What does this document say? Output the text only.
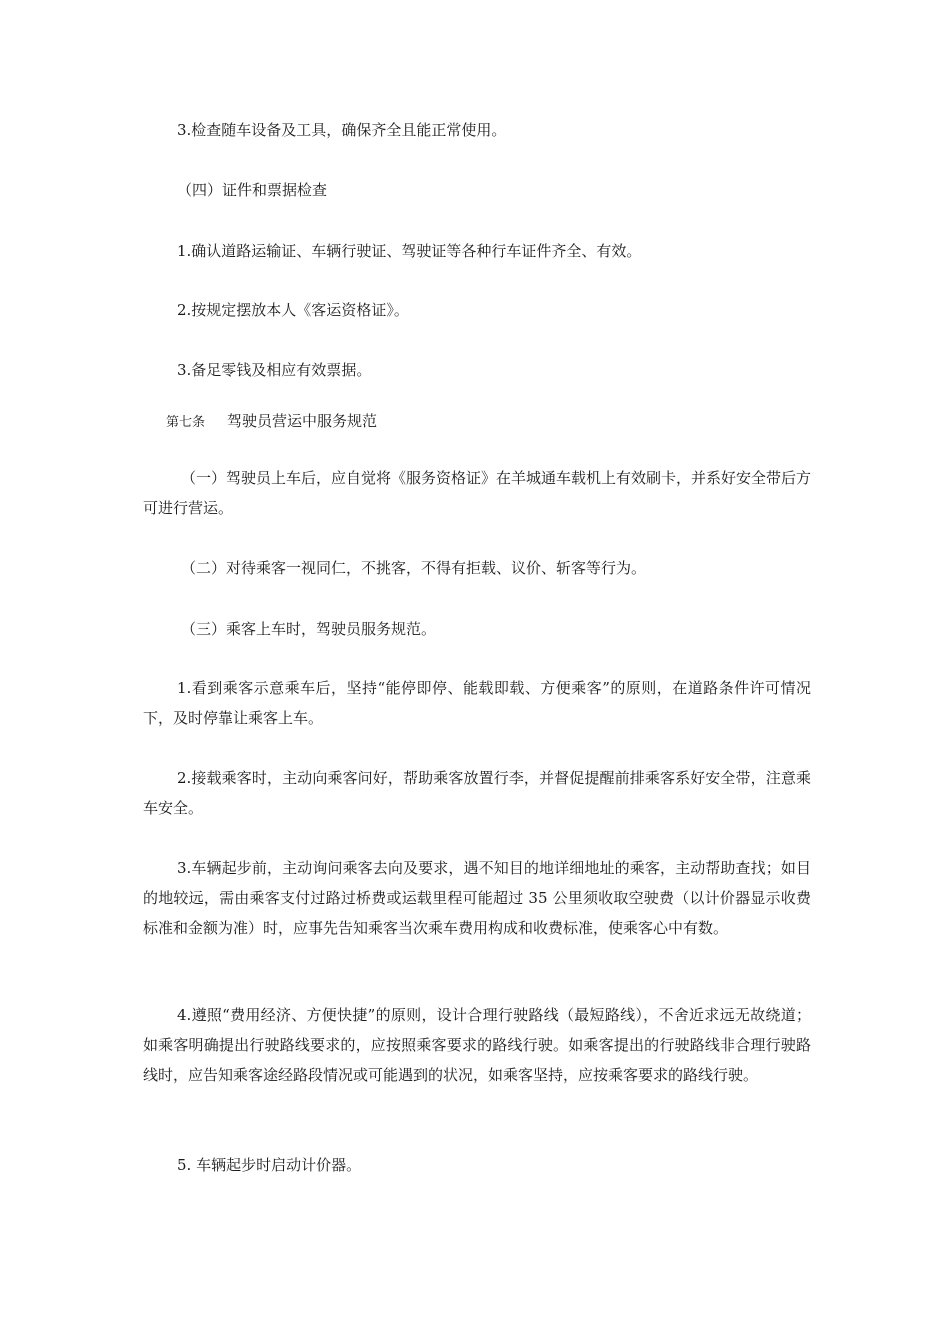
3.检查随车设备及工具，确保齐全且能正常使用。

（四）证件和票据检查

1.确认道路运输证、车辆行驶证、驾驶证等各种行车证件齐全、有效。

2.按规定摆放本人《客运资格证》。

3.备足零钱及相应有效票据。

第七条 驾驶员营运中服务规范

（一）驾驶员上车后，应自觉将《服务资格证》在羊城通车载机上有效刷卡，并系好安全带后方可进行营运。

（二）对待乘客一视同仁，不挑客，不得有拒载、议价、斩客等行为。

（三）乘客上车时，驾驶员服务规范。

1.看到乘客示意乘车后，坚持“能停即停、能载即载、方便乘客”的原则，在道路条件许可情况下，及时停靠让乘客上车。

2.接载乘客时，主动向乘客问好，帮助乘客放置行李，并督促提醒前排乘客系好安全带，注意乘车安全。

3.车辆起步前，主动询问乘客去向及要求，遇不知目的地详细地址的乘客，主动帮助查找；如目的地较远，需由乘客支付过路过桥费或运载里程可能超过 35 公里须收取空驶费（以计价器显示收费标准和金额为准）时，应事先告知乘客当次乘车费用构成和收费标准，使乘客心中有数。

4.遵照“费用经济、方便快捷”的原则，设计合理行驶路线（最短路线），不舍近求远无故绕道；如乘客明确提出行驶路线要求的，应按照乘客要求的路线行驶。如乘客提出的行驶路线非合理行驶路线时，应告知乘客途经路段情况或可能遇到的状况，如乘客坚持，应按乘客要求的路线行驶。

5. 车辆起步时启动计价器。
